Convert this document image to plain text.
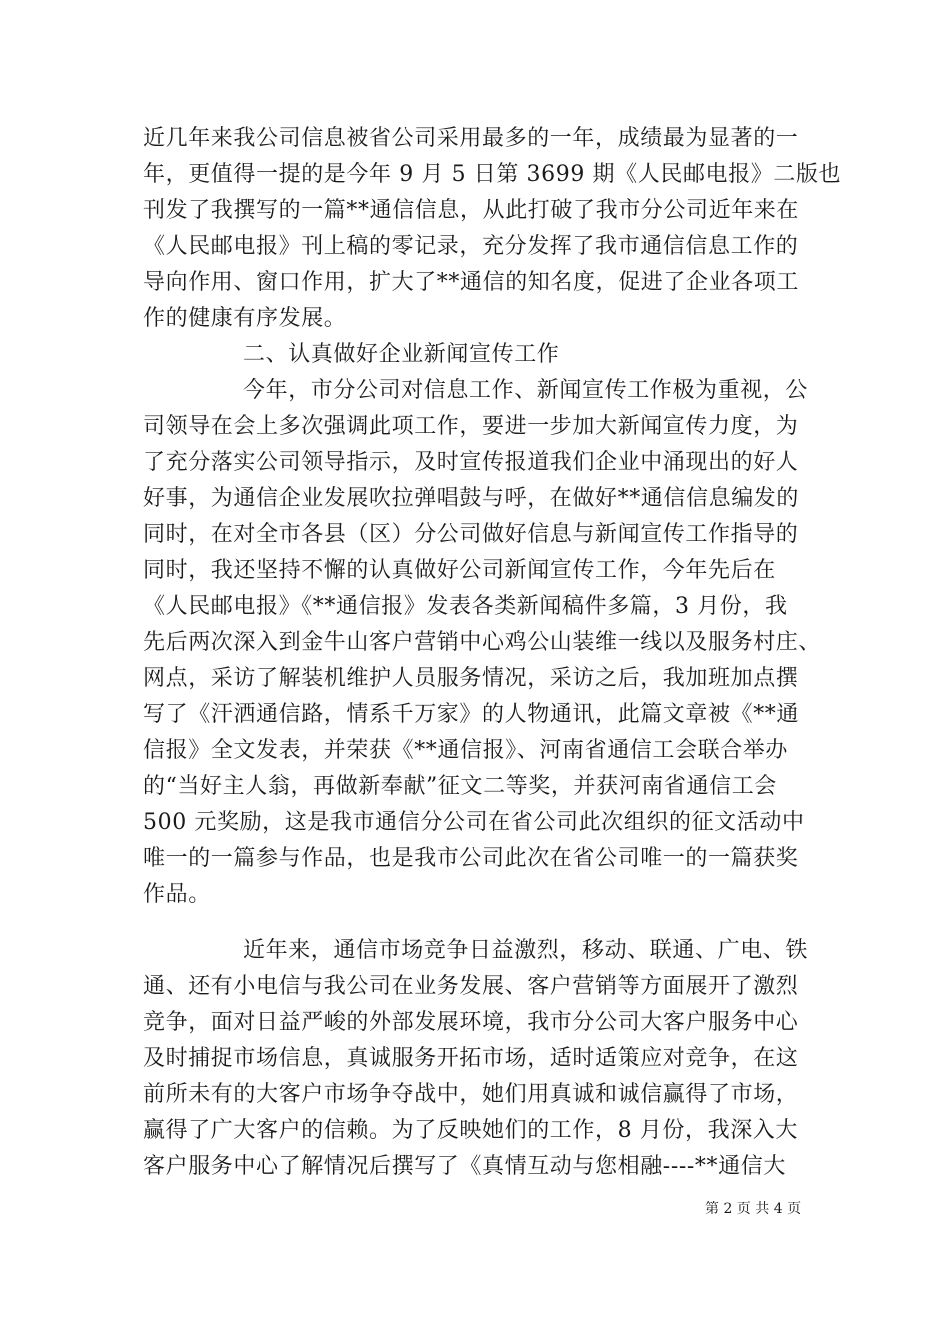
近几年来我公司信息被省公司采用最多的一年，成绩最为显著的一
年，更值得一提的是今年 9 月 5 日第 3699 期《人民邮电报》二版也
刊发了我撰写的一篇**通信信息，从此打破了我市分公司近年来在
《人民邮电报》刊上稿的零记录，充分发挥了我市通信信息工作的
导向作用、窗口作用，扩大了**通信的知名度，促进了企业各项工
作的健康有序发展。
二、认真做好企业新闻宣传工作
今年，市分公司对信息工作、新闻宣传工作极为重视，公
司领导在会上多次强调此项工作，要进一步加大新闻宣传力度，为
了充分落实公司领导指示，及时宣传报道我们企业中涌现出的好人
好事，为通信企业发展吹拉弹唱鼓与呼，在做好**通信信息编发的
同时，在对全市各县（区）分公司做好信息与新闻宣传工作指导的
同时，我还坚持不懈的认真做好公司新闻宣传工作，今年先后在
《人民邮电报》《**通信报》发表各类新闻稿件多篇，3 月份，我
先后两次深入到金牛山客户营销中心鸡公山装维一线以及服务村庄、
网点，采访了解装机维护人员服务情况，采访之后，我加班加点撰
写了《汗洒通信路，情系千万家》的人物通讯，此篇文章被《**通
信报》全文发表，并荣获《**通信报》、河南省通信工会联合举办
的“当好主人翁，再做新奉献”征文二等奖，并获河南省通信工会
500 元奖励，这是我市通信分公司在省公司此次组织的征文活动中
唯一的一篇参与作品，也是我市公司此次在省公司唯一的一篇获奖
作品。
近年来，通信市场竞争日益激烈，移动、联通、广电、铁
通、还有小电信与我公司在业务发展、客户营销等方面展开了激烈
竞争，面对日益严峻的外部发展环境，我市分公司大客户服务中心
及时捕捉市场信息，真诚服务开拓市场，适时适策应对竞争，在这
前所未有的大客户市场争夺战中，她们用真诚和诚信赢得了市场，
赢得了广大客户的信赖。为了反映她们的工作，8 月份，我深入大
客户服务中心了解情况后撰写了《真情互动与您相融----**通信大
第 2 页 共 4 页
